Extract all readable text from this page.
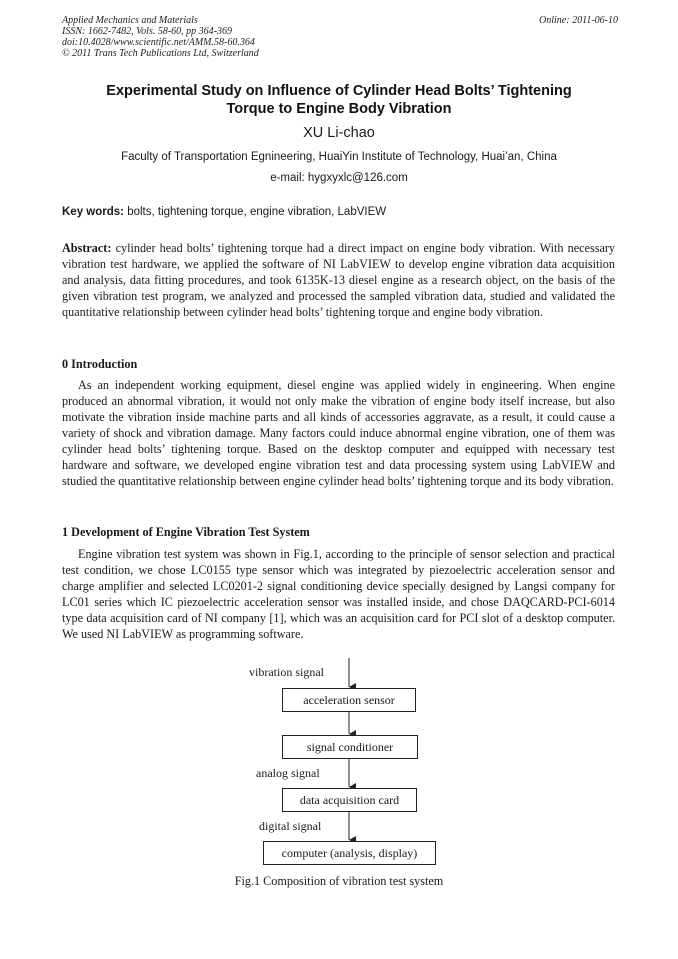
Applied Mechanics and Materials
ISSN: 1662-7482, Vols. 58-60, pp 364-369
doi:10.4028/www.scientific.net/AMM.58-60.364
© 2011 Trans Tech Publications Ltd, Switzerland
Online: 2011-06-10
Experimental Study on Influence of Cylinder Head Bolts’ Tightening
Torque to Engine Body Vibration
XU Li-chao
Faculty of Transportation Egnineering, HuaiYin Institute of Technology, Huai’an, China
e-mail: hygxyxlc@126.com
Key words: bolts, tightening torque, engine vibration, LabVIEW
Abstract: cylinder head bolts’ tightening torque had a direct impact on engine body vibration. With necessary vibration test hardware, we applied the software of NI LabVIEW to develop engine vibration data acquisition and analysis, data fitting procedures, and took 6135K-13 diesel engine as a research object, on the basis of the given vibration test program, we analyzed and processed the sampled vibration data, studied and validated the quantitative relationship between cylinder head bolts’ tightening torque and engine body vibration.
0 Introduction
As an independent working equipment, diesel engine was applied widely in engineering. When engine produced an abnormal vibration, it would not only make the vibration of engine body itself increase, but also motivate the vibration inside machine parts and all kinds of accessories aggravate, as a result, it could cause a variety of shock and vibration damage. Many factors could induce abnormal engine vibration, one of them was cylinder head bolts’ tightening torque. Based on the desktop computer and equipped with necessary test hardware and software, we developed engine vibration test and data processing system using LabVIEW and studied the quantitative relationship between engine cylinder head bolts’ tightening torque and its body vibration.
1 Development of Engine Vibration Test System
Engine vibration test system was shown in Fig.1, according to the principle of sensor selection and practical test condition, we chose LC0155 type sensor which was integrated by piezoelectric acceleration sensor and charge amplifier and selected LC0201-2 signal conditioning device specially designed by Langsi company for LC01 series which IC piezoelectric acceleration sensor was installed inside, and chose DAQCARD-PCI-6014 type data acquisition card of NI company [1], which was an acquisition card for PCI slot of a desktop computer. We used NI LabVIEW as programming software.
vibration signal
acceleration sensor
signal conditioner
analog signal
data acquisition card
digital signal
computer (analysis, display)
Fig.1 Composition of vibration test system
